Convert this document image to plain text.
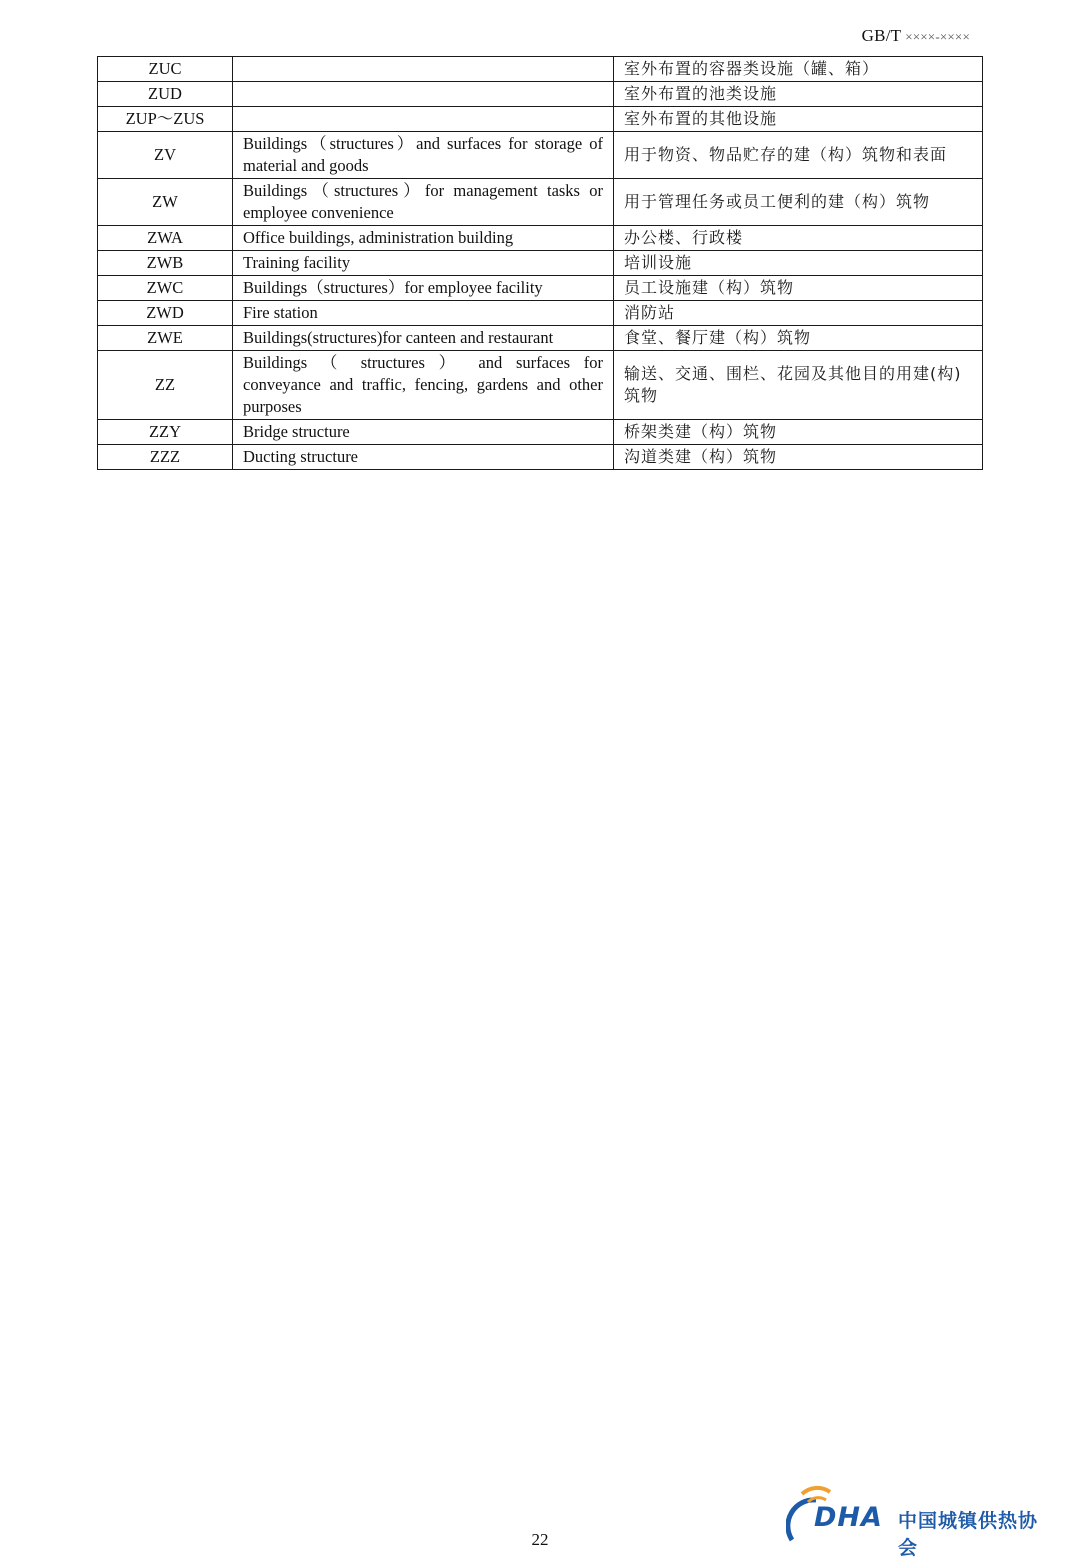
GB/T ××××-××××
ZUC		室外布置的容器类设施（罐、箱）
ZUD		室外布置的池类设施
ZUP～ZUS		室外布置的其他设施
ZV	Buildings（structures）and surfaces for storage of material and goods	用于物资、物品贮存的建（构）筑物和表面
ZW	Buildings（structures）for management tasks or employee convenience	用于管理任务或员工便利的建（构）筑物
ZWA	Office buildings, administration building	办公楼、行政楼
ZWB	Training facility	培训设施
ZWC	Buildings（structures）for employee facility	员工设施建（构）筑物
ZWD	Fire station	消防站
ZWE	Buildings(structures)for canteen and restaurant	食堂、餐厅建（构）筑物
ZZ	Buildings （ structures ） and surfaces for conveyance and traffic, fencing, gardens and other purposes	输送、交通、围栏、花园及其他目的用建(构)筑物
ZZY	Bridge structure	桥架类建（构）筑物
ZZZ	Ducting structure	沟道类建（构）筑物
22
DHA 中国城镇供热协会
